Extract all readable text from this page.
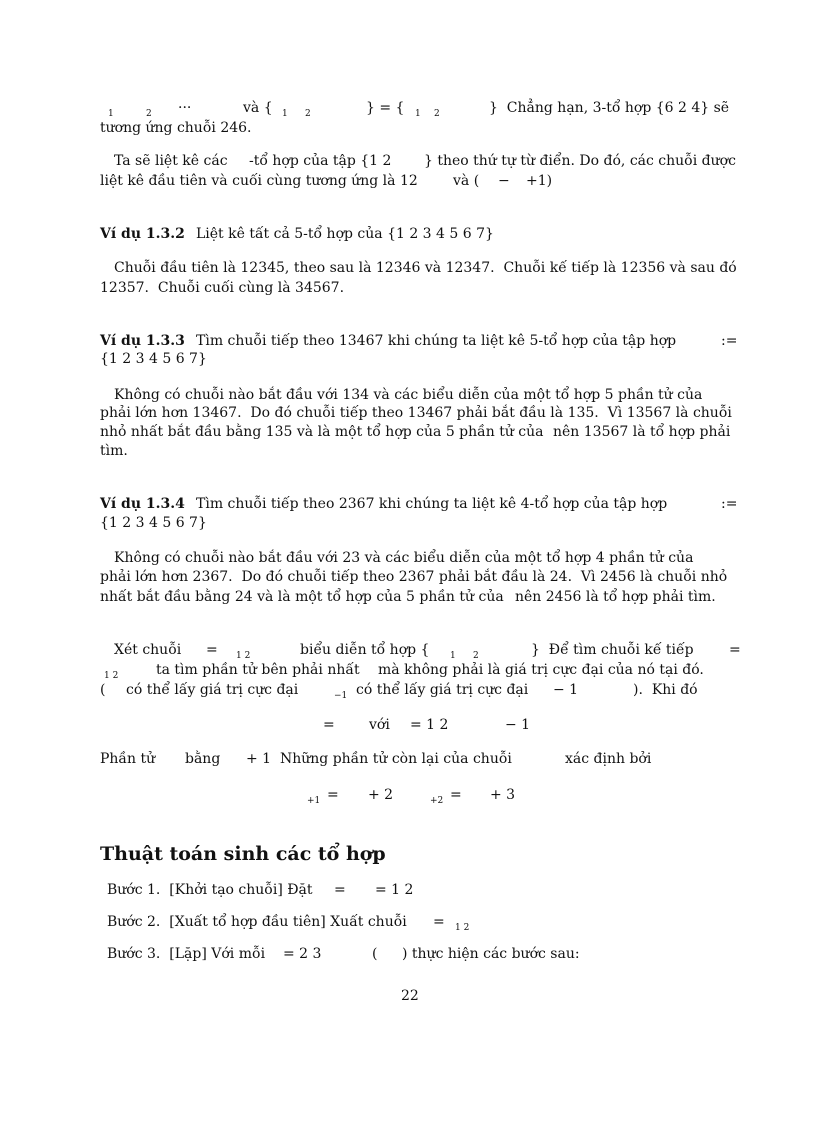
1	2 ···	và { 1 2	} = { 1 2	}  Chẳng hạn, 3-tổ hợp {6 2 4} sẽ
tương ứng chuỗi 246.
Ta sẽ liệt kê các -tổ hợp của tập {1 2 } theo thứ tự từ điển. Do đó, các chuỗi được
liệt kê đầu tiên và cuối cùng tương ứng là 12	và ( − +1)
Ví dụ 1.3.2 Liệt kê tất cả 5-tổ hợp của {1 2 3 4 5 6 7}
Chuỗi đầu tiên là 12345, theo sau là 12346 và 12347.  Chuỗi kế tiếp là 12356 và sau đó
12357.  Chuỗi cuối cùng là 34567.
Ví dụ 1.3.3 Tìm chuỗi tiếp theo 13467 khi chúng ta liệt kê 5-tổ hợp của tập hợp	:=
{1 2 3 4 5 6 7}
Không có chuỗi nào bắt đầu với 134 và các biểu diễn của một tổ hợp 5 phần tử của
phải lớn hơn 13467.  Do đó chuỗi tiếp theo 13467 phải bắt đầu là 135.  Vì 13567 là chuỗi
nhỏ nhất bắt đầu bằng 135 và là một tổ hợp của 5 phần tử của nên 13567 là tổ hợp phải
tìm.
Ví dụ 1.3.4 Tìm chuỗi tiếp theo 2367 khi chúng ta liệt kê 4-tổ hợp của tập hợp	:=
{1 2 3 4 5 6 7}
Không có chuỗi nào bắt đầu với 23 và các biểu diễn của một tổ hợp 4 phần tử của
phải lớn hơn 2367.  Do đó chuỗi tiếp theo 2367 phải bắt đầu là 24.  Vì 2456 là chuỗi nhỏ
nhất bắt đầu bằng 24 và là một tổ hợp của 5 phần tử của nên 2456 là tổ hợp phải tìm.
Xét chuỗi = 1 2	biểu diễn tổ hợp { 1 2	}  Để tìm chuỗi kế tiếp	=
1 2	ta tìm phần tử bên phải nhất mà không phải là giá trị cực đại của nó tại đó.
( có thể lấy giá trị cực đại	−1 có thể lấy giá trị cực đại − 1	).  Khi đó
= với = 1 2	− 1
Phần tử bằng + 1  Những phần tử còn lại của chuỗi	xác định bởi
+1 = + 2	+2 = + 3
Thuật toán sinh các tổ hợp
Bước 1.  [Khởi tạo chuỗi] Đặt = = 1 2
Bước 2.  [Xuất tổ hợp đầu tiên] Xuất chuỗi = 1 2
Bước 3.  [Lặp] Với mỗi = 2 3	( ) thực hiện các bước sau:
22
